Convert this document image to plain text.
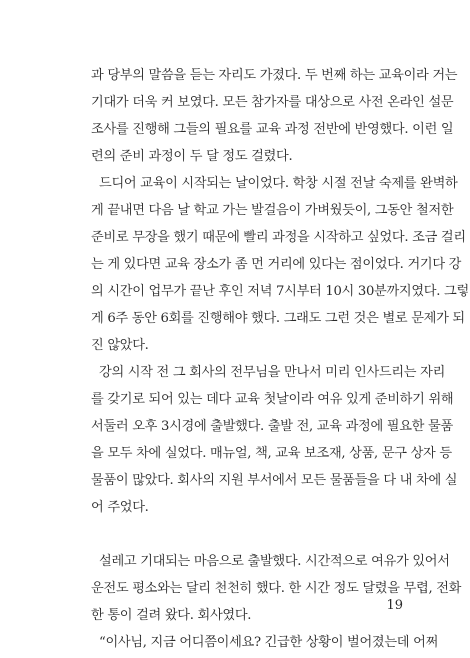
과 당부의 말씀을 듣는 자리도 가졌다. 두 번째 하는 교육이라 거는
기대가 더욱 커 보였다. 모든 참가자를 대상으로 사전 온라인 설문
조사를 진행해 그들의 필요를 교육 과정 전반에 반영했다. 이런 일
련의 준비 과정이 두 달 정도 걸렸다.
드디어 교육이 시작되는 날이었다. 학창 시절 전날 숙제를 완벽하
게 끝내면 다음 날 학교 가는 발걸음이 가벼웠듯이, 그동안 철저한
준비로 무장을 했기 때문에 빨리 과정을 시작하고 싶었다. 조금 걸리
는 게 있다면 교육 장소가 좀 먼 거리에 있다는 점이었다. 거기다 강
의 시간이 업무가 끝난 후인 저녁 7시부터 10시 30분까지였다. 그렇
게 6주 동안 6회를 진행해야 했다. 그래도 그런 것은 별로 문제가 되
진 않았다.
강의 시작 전 그 회사의 전무님을 만나서 미리 인사드리는 자리
를 갖기로 되어 있는 데다 교육 첫날이라 여유 있게 준비하기 위해
서둘러 오후 3시경에 출발했다. 출발 전, 교육 과정에 필요한 물품
을 모두 차에 실었다. 매뉴얼, 책, 교육 보조재, 상품, 문구 상자 등
물품이 많았다. 회사의 지원 부서에서 모든 물품들을 다 내 차에 실
어 주었다.
설레고 기대되는 마음으로 출발했다. 시간적으로 여유가 있어서
운전도 평소와는 달리 천천히 했다. 한 시간 정도 달렸을 무렵, 전화
한 통이 걸려 왔다. 회사였다.
“이사님, 지금 어디쯤이세요? 긴급한 상황이 벌어졌는데 어쩌
19
